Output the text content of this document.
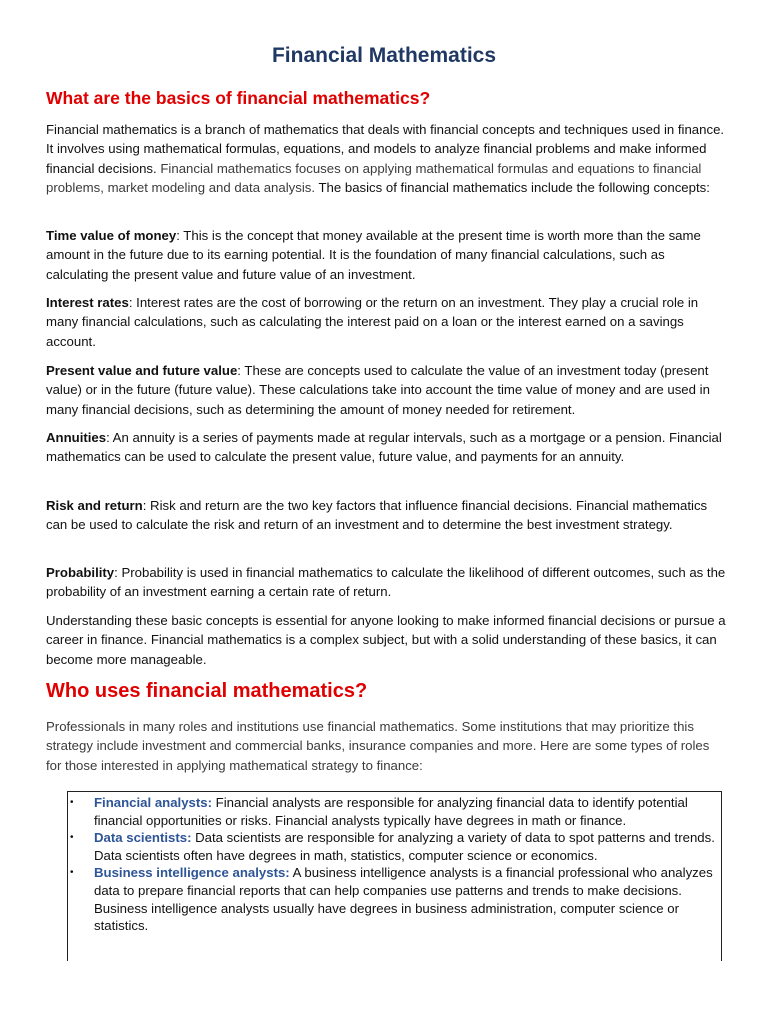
Financial Mathematics
What are the basics of financial mathematics?

Financial mathematics is a branch of mathematics that deals with financial concepts and techniques used in finance. It involves using mathematical formulas, equations, and models to analyze financial problems and make informed financial decisions. Financial mathematics focuses on applying mathematical formulas and equations to financial problems, market modeling and data analysis. The basics of financial mathematics include the following concepts:

Time value of money: This is the concept that money available at the present time is worth more than the same amount in the future due to its earning potential. It is the foundation of many financial calculations, such as calculating the present value and future value of an investment.

Interest rates: Interest rates are the cost of borrowing or the return on an investment. They play a crucial role in many financial calculations, such as calculating the interest paid on a loan or the interest earned on a savings account.

Present value and future value: These are concepts used to calculate the value of an investment today (present value) or in the future (future value). These calculations take into account the time value of money and are used in many financial decisions, such as determining the amount of money needed for retirement.

Annuities: An annuity is a series of payments made at regular intervals, such as a mortgage or a pension. Financial mathematics can be used to calculate the present value, future value, and payments for an annuity.

Risk and return: Risk and return are the two key factors that influence financial decisions. Financial mathematics can be used to calculate the risk and return of an investment and to determine the best investment strategy.

Probability: Probability is used in financial mathematics to calculate the likelihood of different outcomes, such as the probability of an investment earning a certain rate of return.

Understanding these basic concepts is essential for anyone looking to make informed financial decisions or pursue a career in finance. Financial mathematics is a complex subject, but with a solid understanding of these basics, it can become more manageable.

Who uses financial mathematics?

Professionals in many roles and institutions use financial mathematics. Some institutions that may prioritize this strategy include investment and commercial banks, insurance companies and more. Here are some types of roles for those interested in applying mathematical strategy to finance:

• Financial analysts: Financial analysts are responsible for analyzing financial data to identify potential financial opportunities or risks. Financial analysts typically have degrees in math or finance.
• Data scientists: Data scientists are responsible for analyzing a variety of data to spot patterns and trends. Data scientists often have degrees in math, statistics, computer science or economics.
• Business intelligence analysts: A business intelligence analysts is a financial professional who analyzes data to prepare financial reports that can help companies use patterns and trends to make decisions. Business intelligence analysts usually have degrees in business administration, computer science or statistics.
